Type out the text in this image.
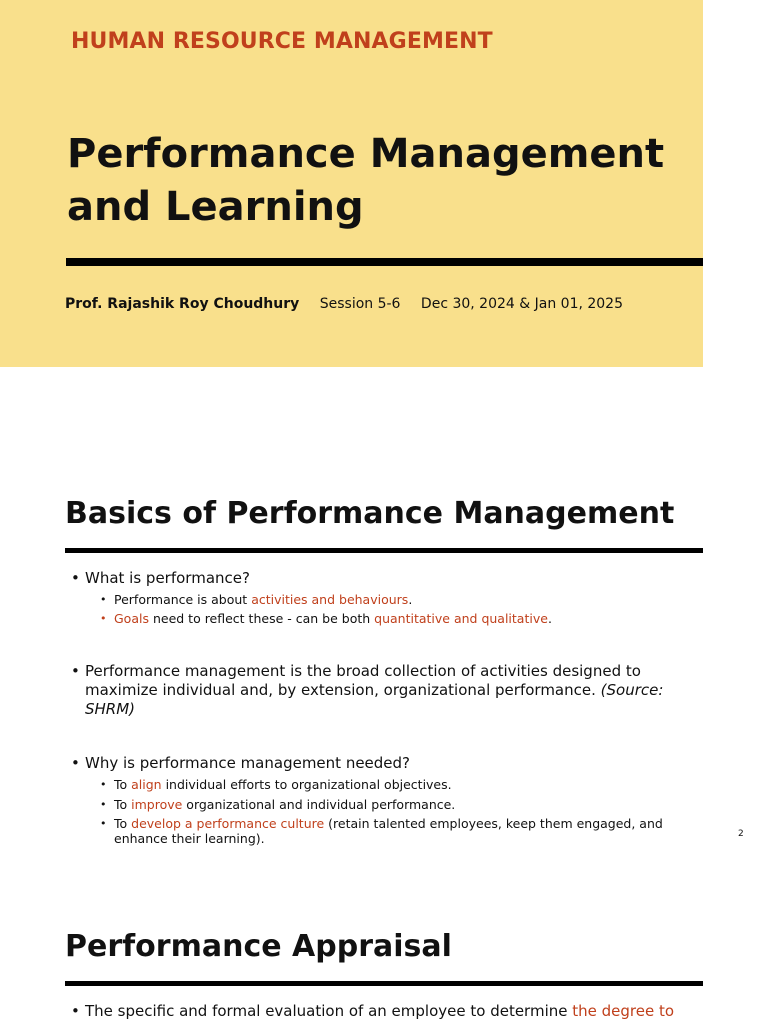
HUMAN RESOURCE MANAGEMENT
Performance Management
and Learning
Prof. Rajashik Roy Choudhury Session 5-6 Dec 30, 2024 & Jan 01, 2025
Basics of Performance Management
• What is performance?
• Performance is about activities and behaviours.
• Goals need to reflect these - can be both quantitative and qualitative.
• Performance management is the broad collection of activities designed to maximize individual and, by extension, organizational performance. (Source: SHRM)
• Why is performance management needed?
• To align individual efforts to organizational objectives.
• To improve organizational and individual performance.
• To develop a performance culture (retain talented employees, keep them engaged, and enhance their learning).	2
Performance Appraisal
• The specific and formal evaluation of an employee to determine the degree to
